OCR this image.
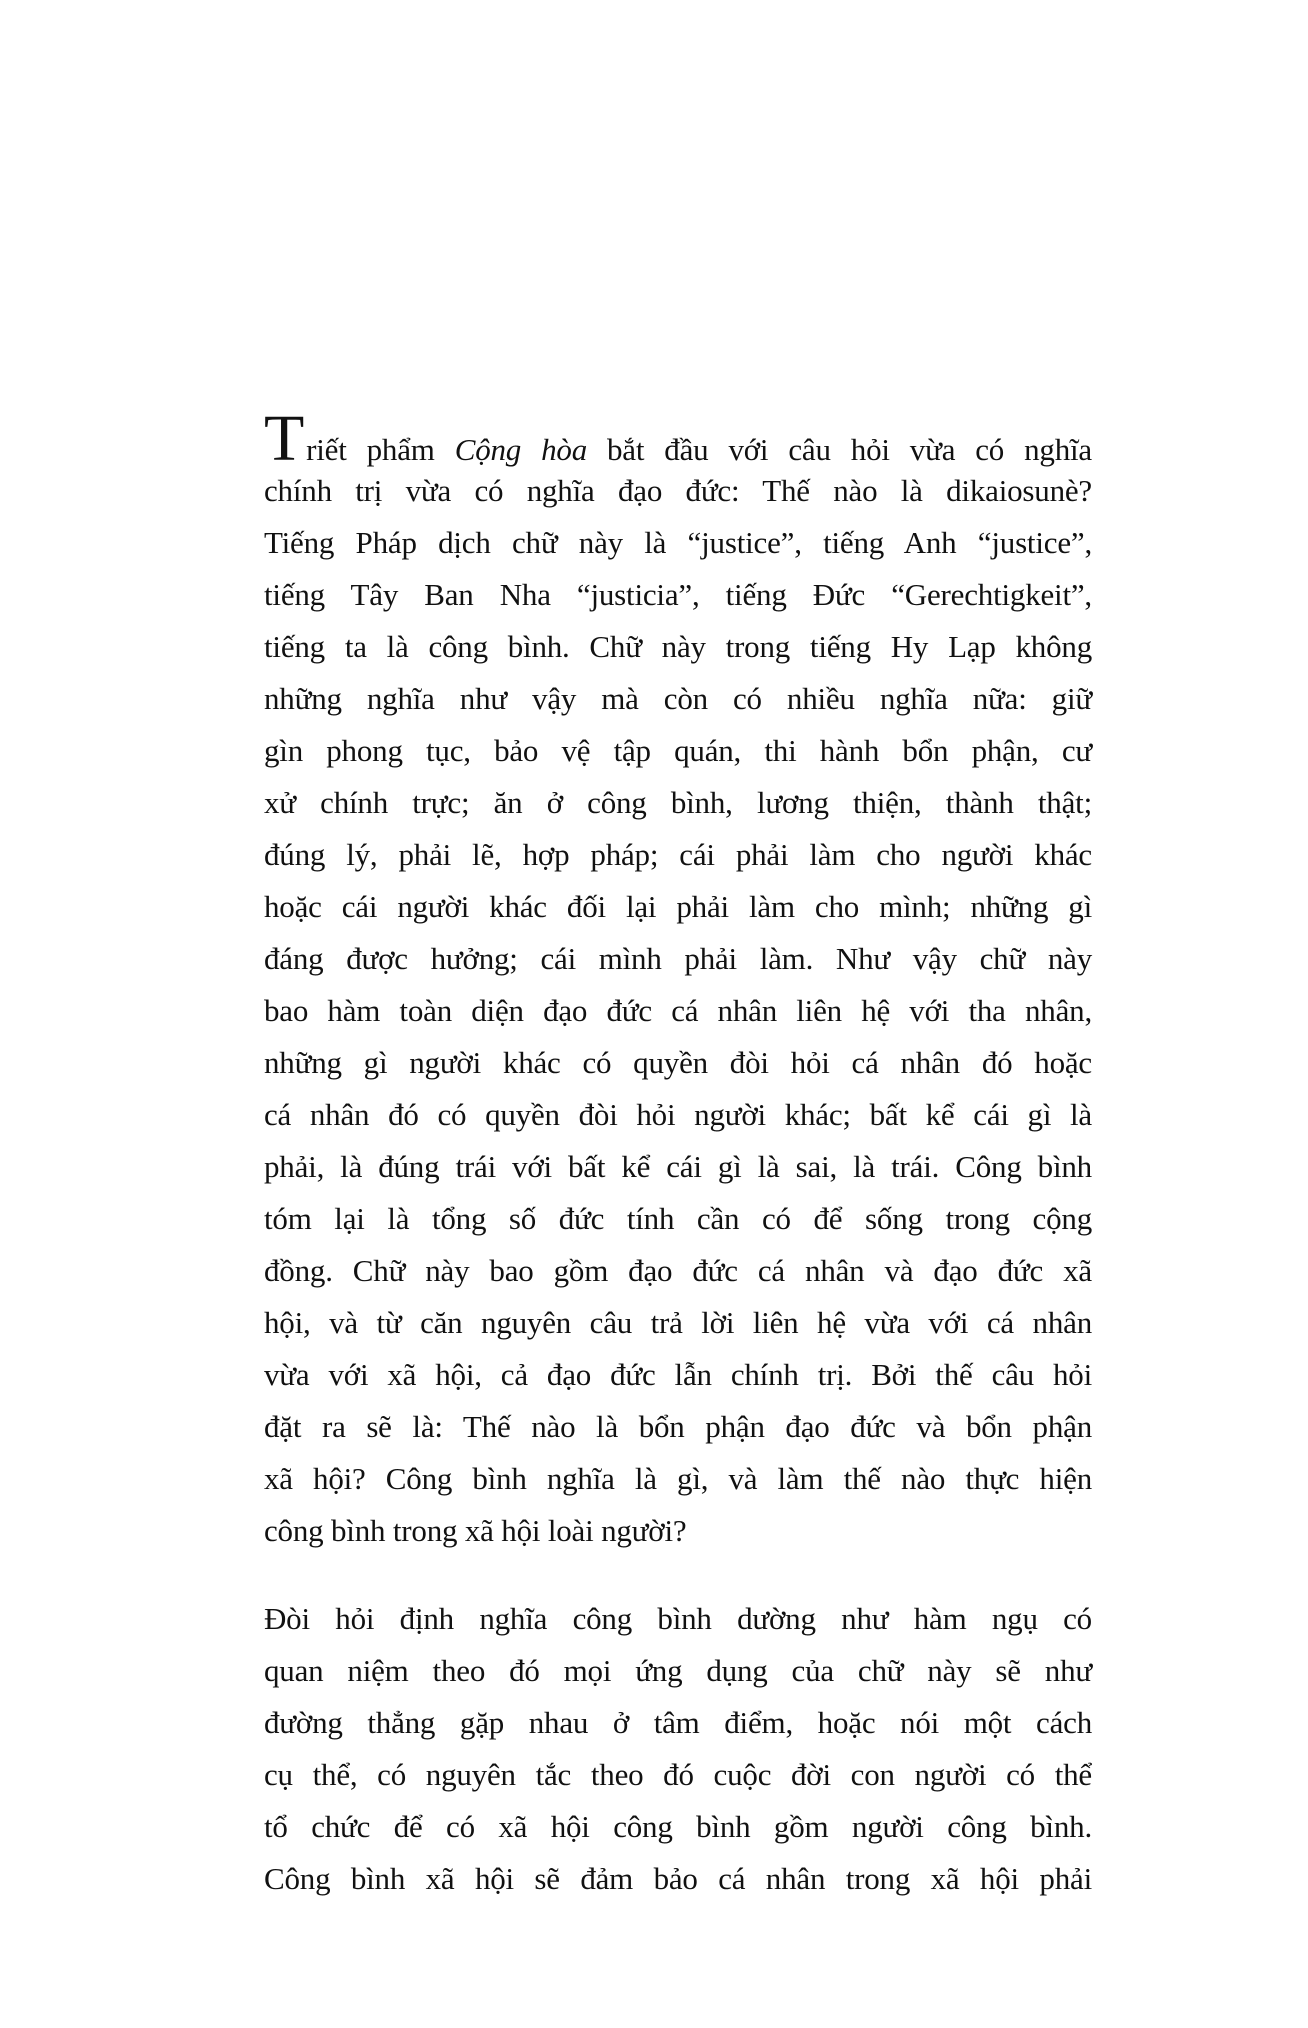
Triết phẩm Cộng hòa bắt đầu với câu hỏi vừa có nghĩa
chính trị vừa có nghĩa đạo đức: Thế nào là dikaiosunè?
Tiếng Pháp dịch chữ này là “justice”, tiếng Anh “justice”,
tiếng Tây Ban Nha “justicia”, tiếng Đức “Gerechtigkeit”,
tiếng ta là công bình. Chữ này trong tiếng Hy Lạp không
những nghĩa như vậy mà còn có nhiều nghĩa nữa: giữ
gìn phong tục, bảo vệ tập quán, thi hành bổn phận, cư
xử chính trực; ăn ở công bình, lương thiện, thành thật;
đúng lý, phải lẽ, hợp pháp; cái phải làm cho người khác
hoặc cái người khác đối lại phải làm cho mình; những gì
đáng được hưởng; cái mình phải làm. Như vậy chữ này
bao hàm toàn diện đạo đức cá nhân liên hệ với tha nhân,
những gì người khác có quyền đòi hỏi cá nhân đó hoặc
cá nhân đó có quyền đòi hỏi người khác; bất kể cái gì là
phải, là đúng trái với bất kể cái gì là sai, là trái. Công bình
tóm lại là tổng số đức tính cần có để sống trong cộng
đồng. Chữ này bao gồm đạo đức cá nhân và đạo đức xã
hội, và từ căn nguyên câu trả lời liên hệ vừa với cá nhân
vừa với xã hội, cả đạo đức lẫn chính trị. Bởi thế câu hỏi
đặt ra sẽ là: Thế nào là bổn phận đạo đức và bổn phận
xã hội? Công bình nghĩa là gì, và làm thế nào thực hiện
công bình trong xã hội loài người?
Đòi hỏi định nghĩa công bình dường như hàm ngụ có
quan niệm theo đó mọi ứng dụng của chữ này sẽ như
đường thẳng gặp nhau ở tâm điểm, hoặc nói một cách
cụ thể, có nguyên tắc theo đó cuộc đời con người có thể
tổ chức để có xã hội công bình gồm người công bình.
Công bình xã hội sẽ đảm bảo cá nhân trong xã hội phải
